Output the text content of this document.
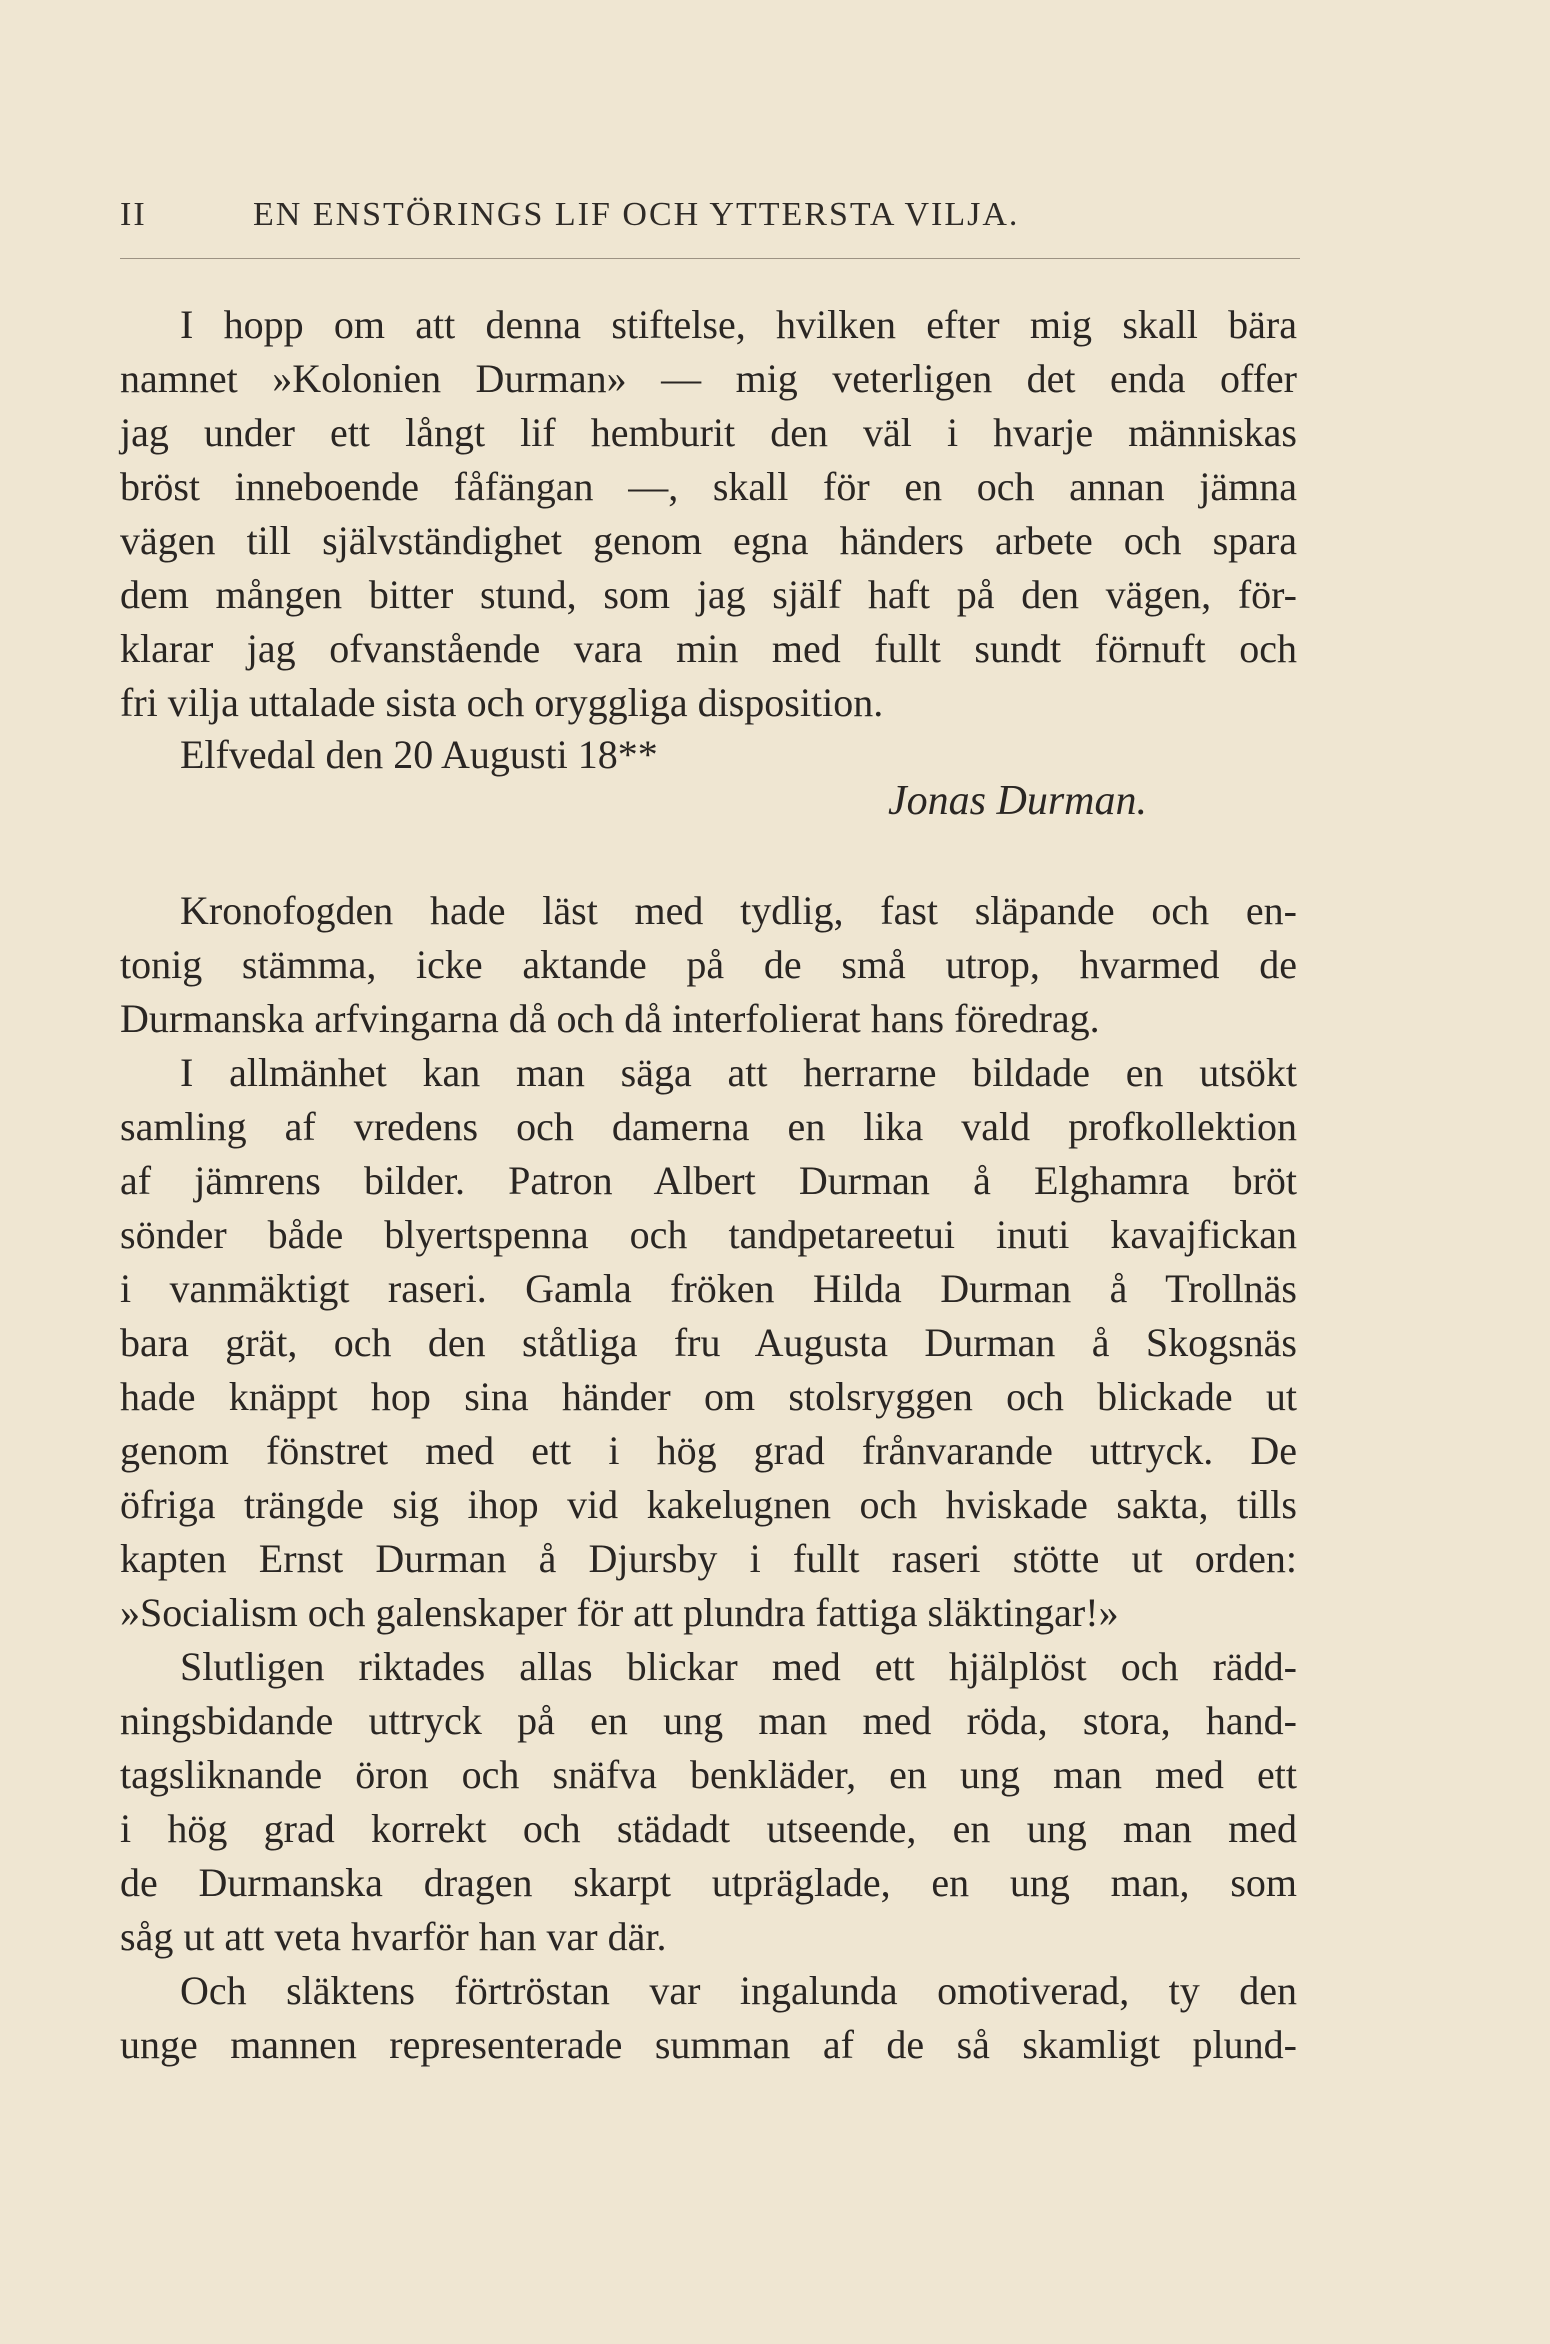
II	EN ENSTÖRINGS LIF OCH YTTERSTA VILJA.
I hopp om att denna stiftelse, hvilken efter mig skall bära
namnet »Kolonien Durman» — mig veterligen det enda offer
jag under ett långt lif hemburit den väl i hvarje människas
bröst inneboende fåfängan —, skall för en och annan jämna
vägen till självständighet genom egna händers arbete och spara
dem mången bitter stund, som jag själf haft på den vägen, för-
klarar jag ofvanstående vara min med fullt sundt förnuft och
fri vilja uttalade sista och oryggliga disposition.
Elfvedal den 20 Augusti 18**
Jonas Durman.
Kronofogden hade läst med tydlig, fast släpande och en-
tonig stämma, icke aktande på de små utrop, hvarmed de
Durmanska arfvingarna då och då interfolierat hans föredrag.
I allmänhet kan man säga att herrarne bildade en utsökt
samling af vredens och damerna en lika vald profkollektion
af jämrens bilder. Patron Albert Durman å Elghamra bröt
sönder både blyertspenna och tandpetareetui inuti kavajfickan
i vanmäktigt raseri. Gamla fröken Hilda Durman å Trollnäs
bara grät, och den ståtliga fru Augusta Durman å Skogsnäs
hade knäppt hop sina händer om stolsryggen och blickade ut
genom fönstret med ett i hög grad frånvarande uttryck. De
öfriga trängde sig ihop vid kakelugnen och hviskade sakta, tills
kapten Ernst Durman å Djursby i fullt raseri stötte ut orden:
»Socialism och galenskaper för att plundra fattiga släktingar!»
Slutligen riktades allas blickar med ett hjälplöst och rädd-
ningsbidande uttryck på en ung man med röda, stora, hand-
tagsliknande öron och snäfva benkläder, en ung man med ett
i hög grad korrekt och städadt utseende, en ung man med
de Durmanska dragen skarpt utpräglade, en ung man, som
såg ut att veta hvarför han var där.
Och släktens förtröstan var ingalunda omotiverad, ty den
unge mannen representerade summan af de så skamligt plund-
